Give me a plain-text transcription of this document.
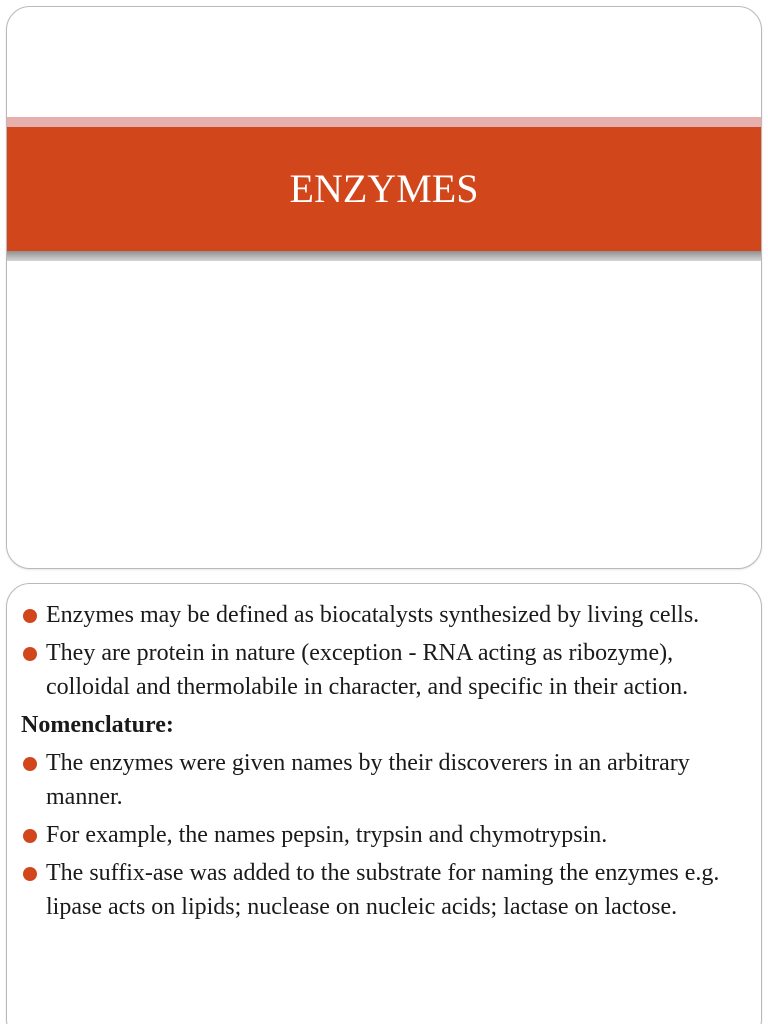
ENZYMES
Enzymes may be defined as biocatalysts synthesized by living cells.
They are protein in nature (exception - RNA acting as ribozyme), colloidal and thermolabile in character, and specific in their action.
Nomenclature:
The enzymes were given names by their discoverers in an arbitrary manner.
For example, the names pepsin, trypsin and chymotrypsin.
The suffix-ase was added to the substrate for naming the enzymes e.g. lipase acts on lipids; nuclease on nucleic acids; lactase on lactose.
